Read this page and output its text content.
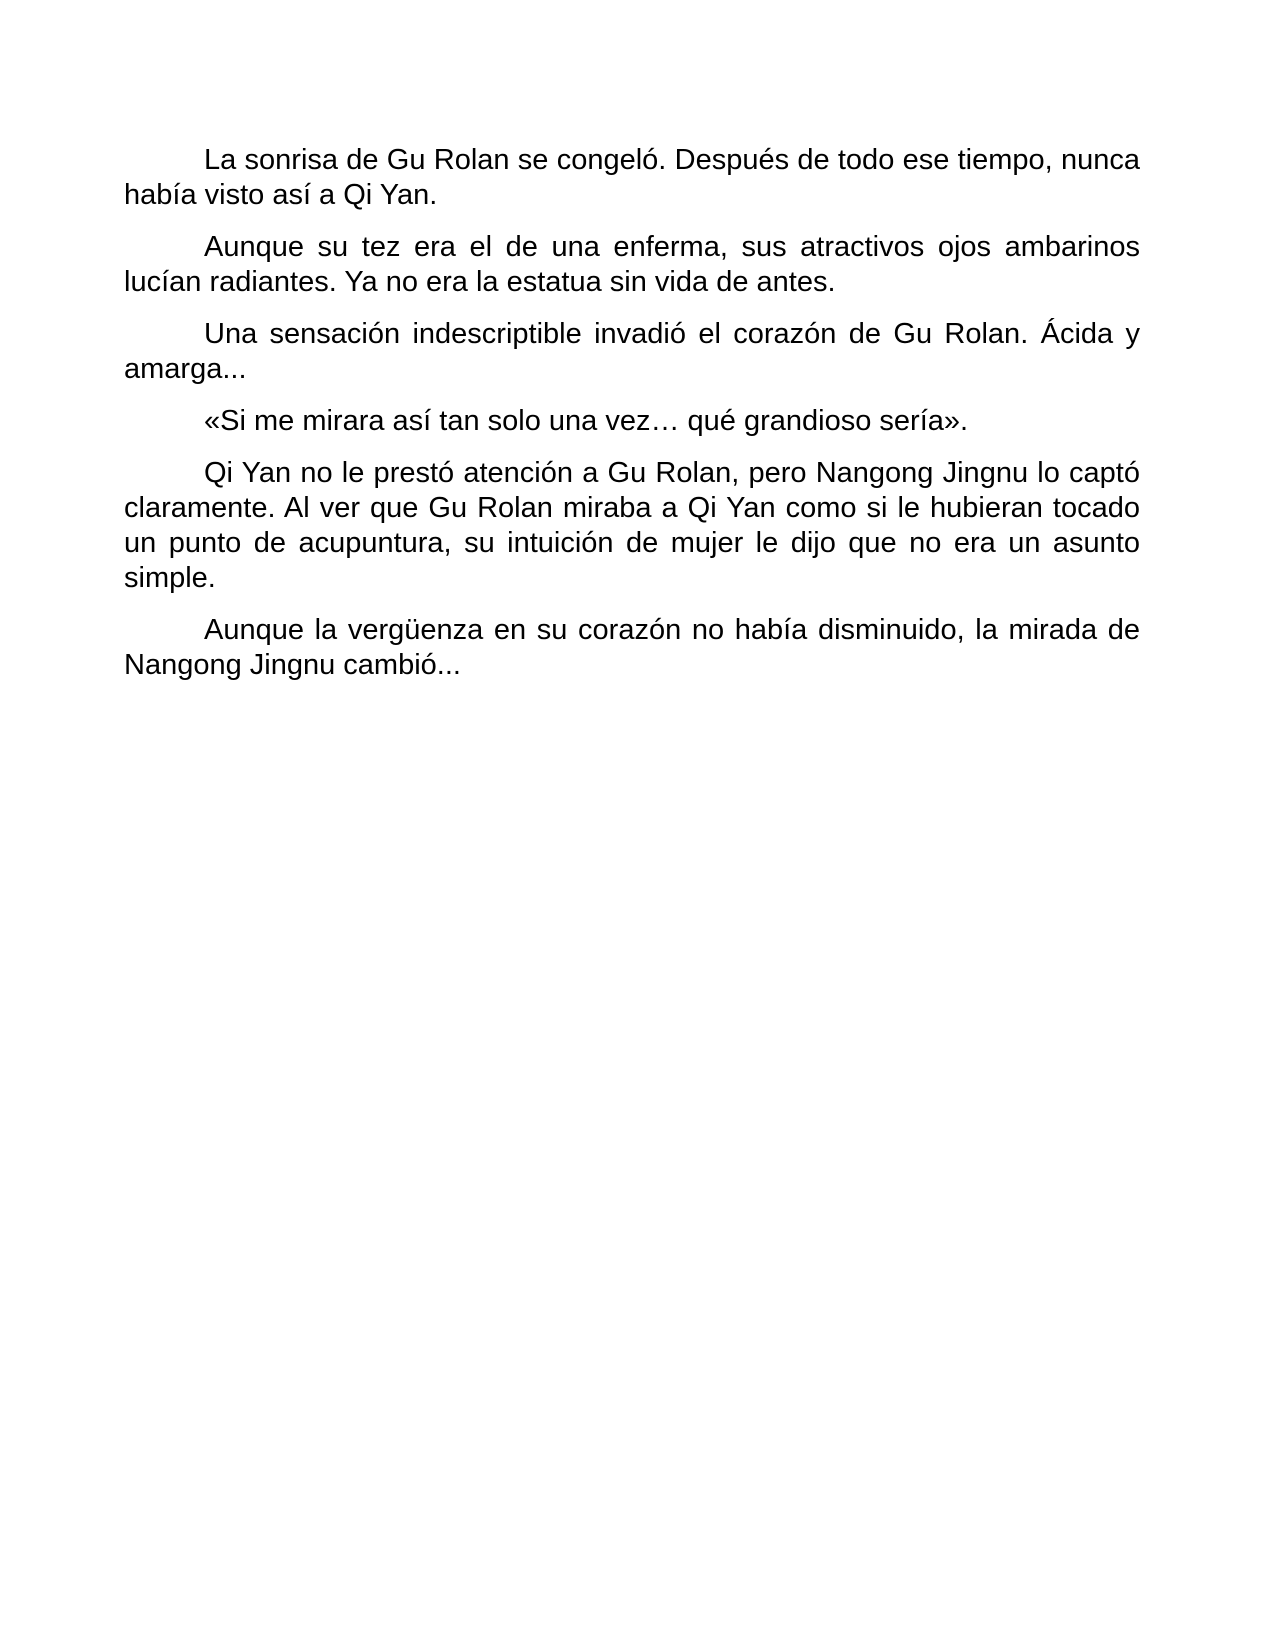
La sonrisa de Gu Rolan se congeló. Después de todo ese tiempo, nunca había visto así a Qi Yan.

Aunque su tez era el de una enferma, sus atractivos ojos ambarinos lucían radiantes. Ya no era la estatua sin vida de antes.

Una sensación indescriptible invadió el corazón de Gu Rolan. Ácida y amarga...

«Si me mirara así tan solo una vez… qué grandioso sería».

Qi Yan no le prestó atención a Gu Rolan, pero Nangong Jingnu lo captó claramente. Al ver que Gu Rolan miraba a Qi Yan como si le hubieran tocado un punto de acupuntura, su intuición de mujer le dijo que no era un asunto simple.

Aunque la vergüenza en su corazón no había disminuido, la mirada de Nangong Jingnu cambió...
